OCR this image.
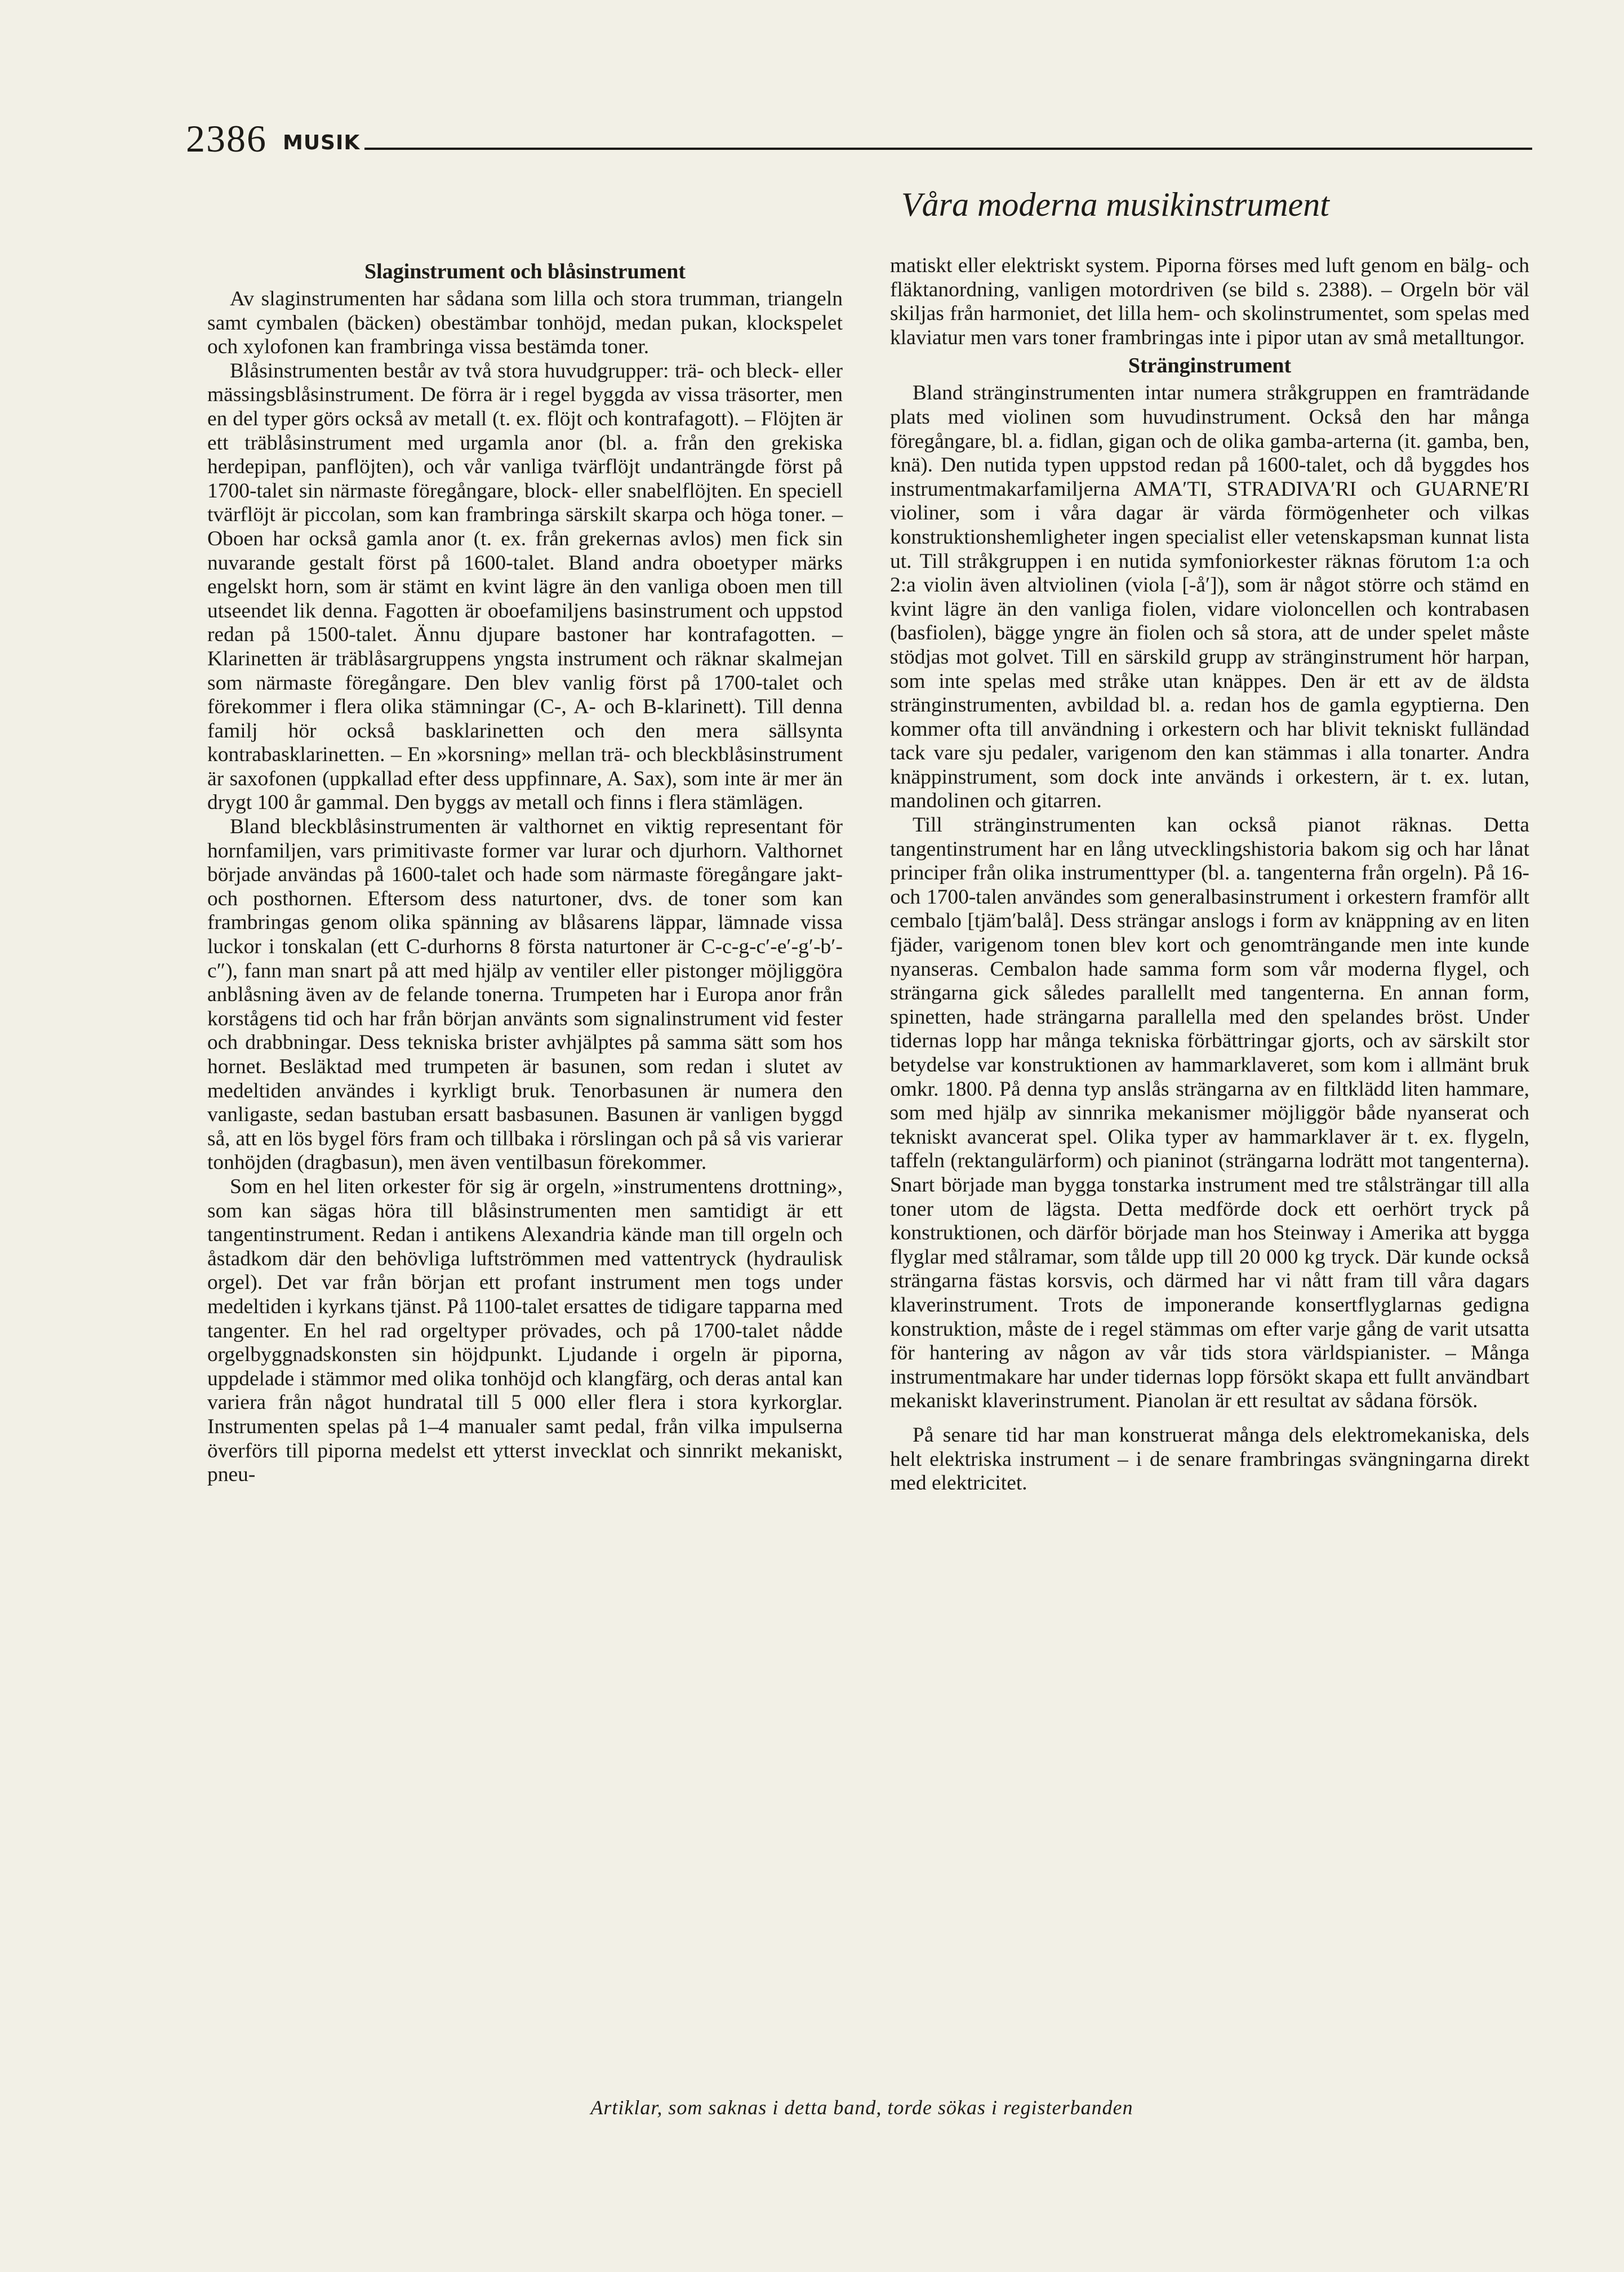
2386 MUSIK
Våra moderna musikinstrument
Slaginstrument och blåsinstrument

Av slaginstrumenten har sådana som lilla och stora trumman, triangeln samt cymbalen (bäcken) obestämbar tonhöjd, medan pukan, klockspelet och xylofonen kan frambringa vissa bestämda toner.

Blåsinstrumenten består av två stora huvudgrupper: trä- och bleck- eller mässingsblåsinstrument. De förra är i regel byggda av vissa träsorter, men en del typer görs också av metall (t. ex. flöjt och kontrafagott). – Flöjten är ett träblåsinstrument med urgamla anor (bl. a. från den grekiska herdepipan, panflöjten), och vår vanliga tvärflöjt undanträngde först på 1700-talet sin närmaste föregångare, block- eller snabelflöjten. En speciell tvärflöjt är piccolan, som kan frambringa särskilt skarpa och höga toner. – Oboen har också gamla anor (t. ex. från grekernas avlos) men fick sin nuvarande gestalt först på 1600-talet. Bland andra oboetyper märks engelskt horn, som är stämt en kvint lägre än den vanliga oboen men till utseendet lik denna. Fagotten är oboefamiljens basinstrument och uppstod redan på 1500-talet. Ännu djupare bastoner har kontrafagotten. – Klarinetten är träblåsargruppens yngsta instrument och räknar skalmejan som närmaste föregångare. Den blev vanlig först på 1700-talet och förekommer i flera olika stämningar (C-, A- och B-klarinett). Till denna familj hör också basklarinetten och den mera sällsynta kontrabasklarinetten. – En »korsning» mellan trä- och bleckblåsinstrument är saxofonen (uppkallad efter dess uppfinnare, A. Sax), som inte är mer än drygt 100 år gammal. Den byggs av metall och finns i flera stämlägen.

Bland bleckblåsinstrumenten är valthornet en viktig representant för hornfamiljen, vars primitivaste former var lurar och djurhorn. Valthornet började användas på 1600-talet och hade som närmaste föregångare jakt- och posthornen. Eftersom dess naturtoner, dvs. de toner som kan frambringas genom olika spänning av blåsarens läppar, lämnade vissa luckor i tonskalan (ett C-durhorns 8 första naturtoner är C-c-g-c′-e′-g′-b′-c″), fann man snart på att med hjälp av ventiler eller pistonger möjliggöra anblåsning även av de felande tonerna. Trumpeten har i Europa anor från korstågens tid och har från början använts som signalinstrument vid fester och drabbningar. Dess tekniska brister avhjälptes på samma sätt som hos hornet. Besläktad med trumpeten är basunen, som redan i slutet av medeltiden användes i kyrkligt bruk. Tenorbasunen är numera den vanligaste, sedan bastuban ersatt basbasunen. Basunen är vanligen byggd så, att en lös bygel förs fram och tillbaka i rörslingan och på så vis varierar tonhöjden (dragbasun), men även ventilbasun förekommer.

Som en hel liten orkester för sig är orgeln, »instrumentens drottning», som kan sägas höra till blåsinstrumenten men samtidigt är ett tangentinstrument. Redan i antikens Alexandria kände man till orgeln och åstadkom där den behövliga luftströmmen med vattentryck (hydraulisk orgel). Det var från början ett profant instrument men togs under medeltiden i kyrkans tjänst. På 1100-talet ersattes de tidigare tapparna med tangenter. En hel rad orgeltyper prövades, och på 1700-talet nådde orgelbyggnadskonsten sin höjdpunkt. Ljudande i orgeln är piporna, uppdelade i stämmor med olika tonhöjd och klangfärg, och deras antal kan variera från något hundratal till 5 000 eller flera i stora kyrkorglar. Instrumenten spelas på 1–4 manualer samt pedal, från vilka impulserna överförs till piporna medelst ett ytterst invecklat och sinnrikt mekaniskt, pneu-

matiskt eller elektriskt system. Piporna förses med luft genom en bälg- och fläktanordning, vanligen motordriven (se bild s. 2388). – Orgeln bör väl skiljas från harmoniet, det lilla hem- och skolinstrumentet, som spelas med klaviatur men vars toner frambringas inte i pipor utan av små metalltungor.

Stränginstrument

Bland stränginstrumenten intar numera stråkgruppen en framträdande plats med violinen som huvudinstrument. Också den har många föregångare, bl. a. fidlan, gigan och de olika gamba-arterna (it. gamba, ben, knä). Den nutida typen uppstod redan på 1600-talet, och då byggdes hos instrumentmakarfamiljerna AMA′TI, STRADIVA′RI och GUARNE′RI violiner, som i våra dagar är värda förmögenheter och vilkas konstruktionshemligheter ingen specialist eller vetenskapsman kunnat lista ut. Till stråkgruppen i en nutida symfoniorkester räknas förutom 1:a och 2:a violin även altviolinen (viola [-å′]), som är något större och stämd en kvint lägre än den vanliga fiolen, vidare violoncellen och kontrabasen (basfiolen), bägge yngre än fiolen och så stora, att de under spelet måste stödjas mot golvet. Till en särskild grupp av stränginstrument hör harpan, som inte spelas med stråke utan knäppes. Den är ett av de äldsta stränginstrumenten, avbildad bl. a. redan hos de gamla egyptierna. Den kommer ofta till användning i orkestern och har blivit tekniskt fulländad tack vare sju pedaler, varigenom den kan stämmas i alla tonarter. Andra knäppinstrument, som dock inte används i orkestern, är t. ex. lutan, mandolinen och gitarren.

Till stränginstrumenten kan också pianot räknas. Detta tangentinstrument har en lång utvecklingshistoria bakom sig och har lånat principer från olika instrumenttyper (bl. a. tangenterna från orgeln). På 16- och 1700-talen användes som generalbasinstrument i orkestern framför allt cembalo [tjäm′balå]. Dess strängar anslogs i form av knäppning av en liten fjäder, varigenom tonen blev kort och genomträngande men inte kunde nyanseras. Cembalon hade samma form som vår moderna flygel, och strängarna gick således parallellt med tangenterna. En annan form, spinetten, hade strängarna parallella med den spelandes bröst. Under tidernas lopp har många tekniska förbättringar gjorts, och av särskilt stor betydelse var konstruktionen av hammarklaveret, som kom i allmänt bruk omkr. 1800. På denna typ anslås strängarna av en filtklädd liten hammare, som med hjälp av sinnrika mekanismer möjliggör både nyanserat och tekniskt avancerat spel. Olika typer av hammarklaver är t. ex. flygeln, taffeln (rektangulärform) och pianinot (strängarna lodrätt mot tangenterna). Snart började man bygga tonstarka instrument med tre stålsträngar till alla toner utom de lägsta. Detta medförde dock ett oerhört tryck på konstruktionen, och därför började man hos Steinway i Amerika att bygga flyglar med stålramar, som tålde upp till 20 000 kg tryck. Där kunde också strängarna fästas korsvis, och därmed har vi nått fram till våra dagars klaverinstrument. Trots de imponerande konsertflyglarnas gedigna konstruktion, måste de i regel stämmas om efter varje gång de varit utsatta för hantering av någon av vår tids stora världspianister. – Många instrumentmakare har under tidernas lopp försökt skapa ett fullt användbart mekaniskt klaverinstrument. Pianolan är ett resultat av sådana försök.

På senare tid har man konstruerat många dels elektromekaniska, dels helt elektriska instrument – i de senare frambringas svängningarna direkt med elektricitet.

Artiklar, som saknas i detta band, torde sökas i registerbanden
